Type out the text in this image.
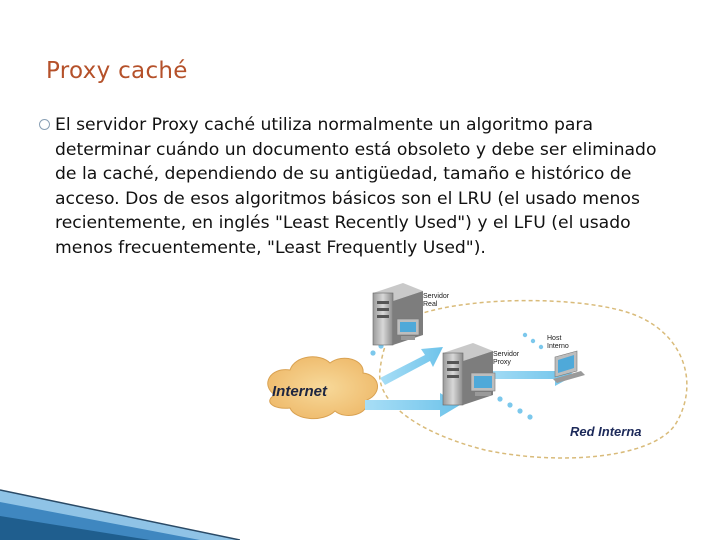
Proxy caché
El servidor Proxy caché utiliza normalmente un algoritmo para determinar cuándo un documento está obsoleto y debe ser eliminado de la caché, dependiendo de su antigüedad, tamaño e histórico de acceso. Dos de esos algoritmos básicos son el LRU (el usado menos recientemente, en inglés "Least Recently Used") y el LFU (el usado menos frecuentemente, "Least Frequently Used").
Servidor
Real
Servidor
Proxy
Host
Interno
Internet
Red Interna
